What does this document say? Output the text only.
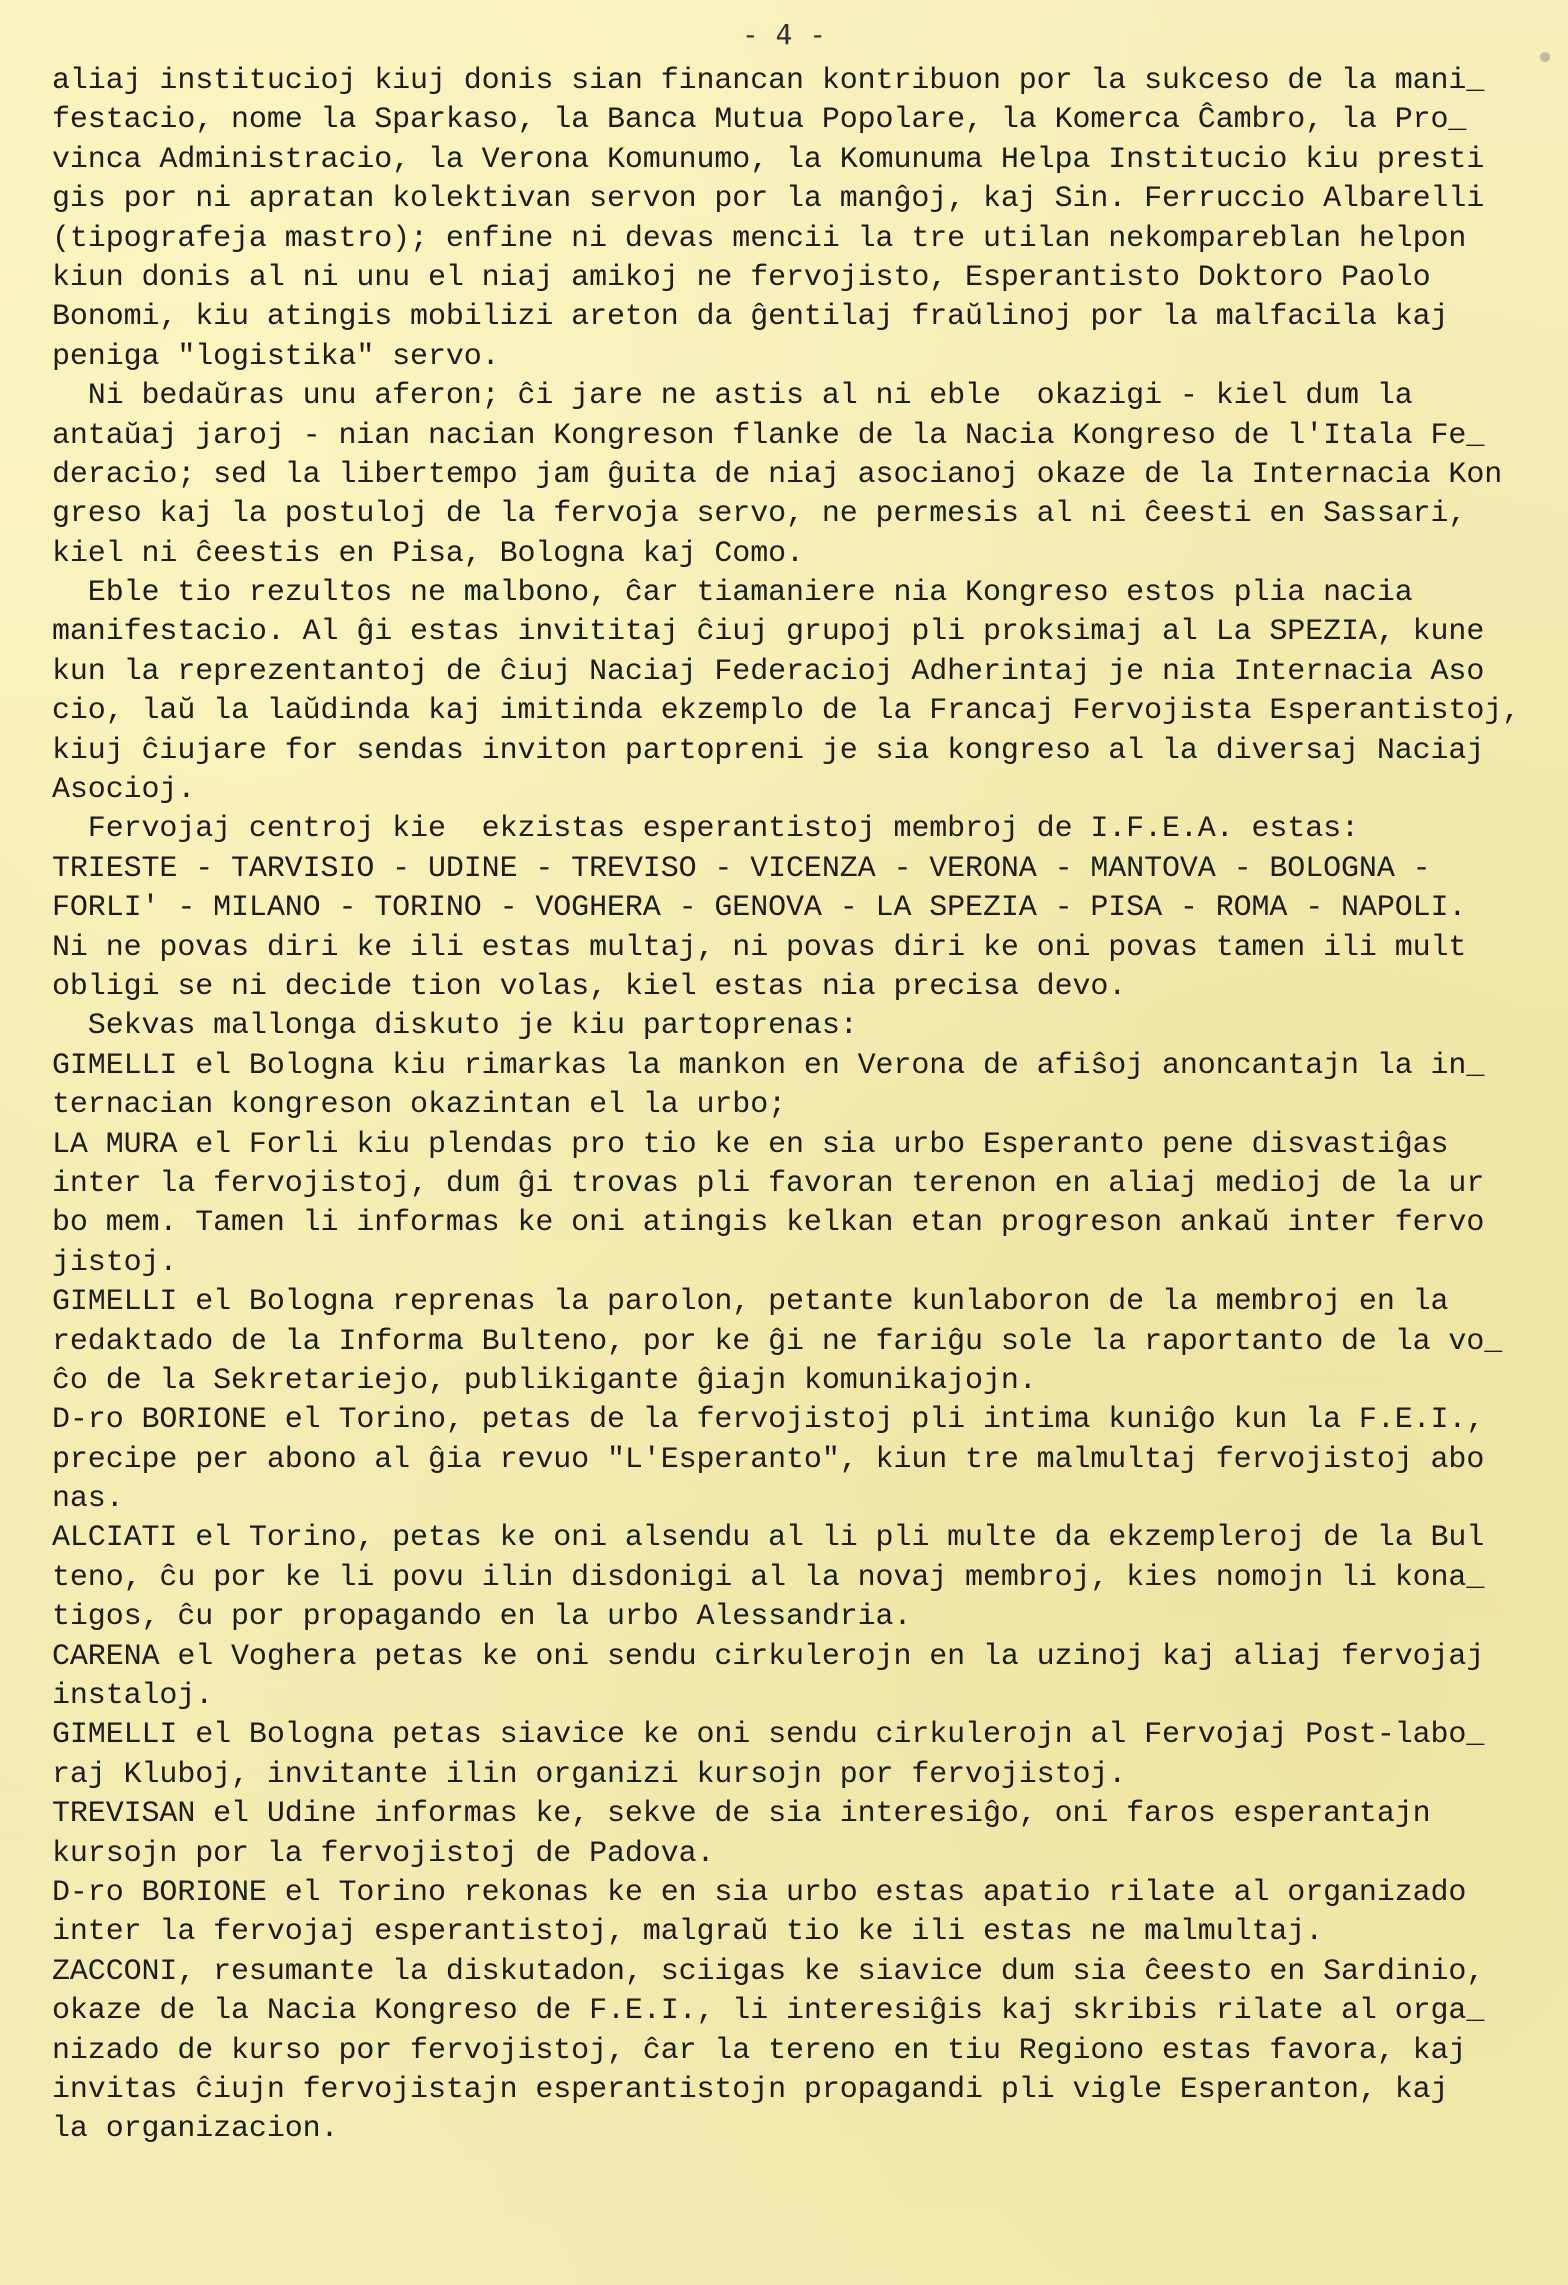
- 4 -
aliaj institucioj kiuj donis sian financan kontribuon por la sukceso de la mani_
festacio, nome la Sparkaso, la Banca Mutua Popolare, la Komerca Ĉambro, la Pro_
vinca Administracio, la Verona Komunumo, la Komunuma Helpa Institucio kiu presti
gis por ni apratan kolektivan servon por la manĝoj, kaj Sin. Ferruccio Albarelli
(tipografeja mastro); enfine ni devas mencii la tre utilan nekompareblan helpon
kiun donis al ni unu el niaj amikoj ne fervojisto, Esperantisto Doktoro Paolo
Bonomi, kiu atingis mobilizi areton da ĝentilaj fraŭlinoj por la malfacila kaj
peniga "logistika" servo.
Ni bedaŭras unu aferon; ĉi jare ne astis al ni eble  okazigi - kiel dum la
antaŭaj jaroj - nian nacian Kongreson flanke de la Nacia Kongreso de l'Itala Fe_
deracio; sed la libertempo jam ĝuita de niaj asocianoj okaze de la Internacia Kon
greso kaj la postuloj de la fervoja servo, ne permesis al ni ĉeesti en Sassari,
kiel ni ĉeestis en Pisa, Bologna kaj Como.
Eble tio rezultos ne malbono, ĉar tiamaniere nia Kongreso estos plia nacia
manifestacio. Al ĝi estas invititaj ĉiuj grupoj pli proksimaj al La SPEZIA, kune
kun la reprezentantoj de ĉiuj Naciaj Federacioj Adherintaj je nia Internacia Aso
cio, laŭ la laŭdinda kaj imitinda ekzemplo de la Francaj Fervojista Esperantistoj,
kiuj ĉiujare for sendas inviton partopreni je sia kongreso al la diversaj Naciaj
Asocioj.
Fervojaj centroj kie  ekzistas esperantistoj membroj de I.F.E.A. estas:
TRIESTE - TARVISIO - UDINE - TREVISO - VICENZA - VERONA - MANTOVA - BOLOGNA -
FORLI' - MILANO - TORINO - VOGHERA - GENOVA - LA SPEZIA - PISA - ROMA - NAPOLI.
Ni ne povas diri ke ili estas multaj, ni povas diri ke oni povas tamen ili mult
obligi se ni decide tion volas, kiel estas nia precisa devo.
Sekvas mallonga diskuto je kiu partoprenas:
GIMELLI el Bologna kiu rimarkas la mankon en Verona de afiŝoj anoncantajn la in_
ternacian kongreson okazintan el la urbo;
LA MURA el Forli kiu plendas pro tio ke en sia urbo Esperanto pene disvastiĝas
inter la fervojistoj, dum ĝi trovas pli favoran terenon en aliaj medioj de la ur
bo mem. Tamen li informas ke oni atingis kelkan etan progreson ankaŭ inter fervo
jistoj.
GIMELLI el Bologna reprenas la parolon, petante kunlaboron de la membroj en la
redaktado de la Informa Bulteno, por ke ĝi ne fariĝu sole la raportanto de la vo_
ĉo de la Sekretariejo, publikigante ĝiajn komunikajojn.
D-ro BORIONE el Torino, petas de la fervojistoj pli intima kuniĝo kun la F.E.I.,
precipe per abono al ĝia revuo "L'Esperanto", kiun tre malmultaj fervojistoj abo
nas.
ALCIATI el Torino, petas ke oni alsendu al li pli multe da ekzempleroj de la Bul
teno, ĉu por ke li povu ilin disdonigi al la novaj membroj, kies nomojn li kona_
tigos, ĉu por propagando en la urbo Alessandria.
CARENA el Voghera petas ke oni sendu cirkulerojn en la uzinoj kaj aliaj fervojaj
instaloj.
GIMELLI el Bologna petas siavice ke oni sendu cirkulerojn al Fervojaj Post-labo_
raj Kluboj, invitante ilin organizi kursojn por fervojistoj.
TREVISAN el Udine informas ke, sekve de sia interesiĝo, oni faros esperantajn
kursojn por la fervojistoj de Padova.
D-ro BORIONE el Torino rekonas ke en sia urbo estas apatio rilate al organizado
inter la fervojaj esperantistoj, malgraŭ tio ke ili estas ne malmultaj.
ZACCONI, resumante la diskutadon, sciigas ke siavice dum sia ĉeesto en Sardinio,
okaze de la Nacia Kongreso de F.E.I., li interesiĝis kaj skribis rilate al orga_
nizado de kurso por fervojistoj, ĉar la tereno en tiu Regiono estas favora, kaj
invitas ĉiujn fervojistajn esperantistojn propagandi pli vigle Esperanton, kaj
la organizacion.
